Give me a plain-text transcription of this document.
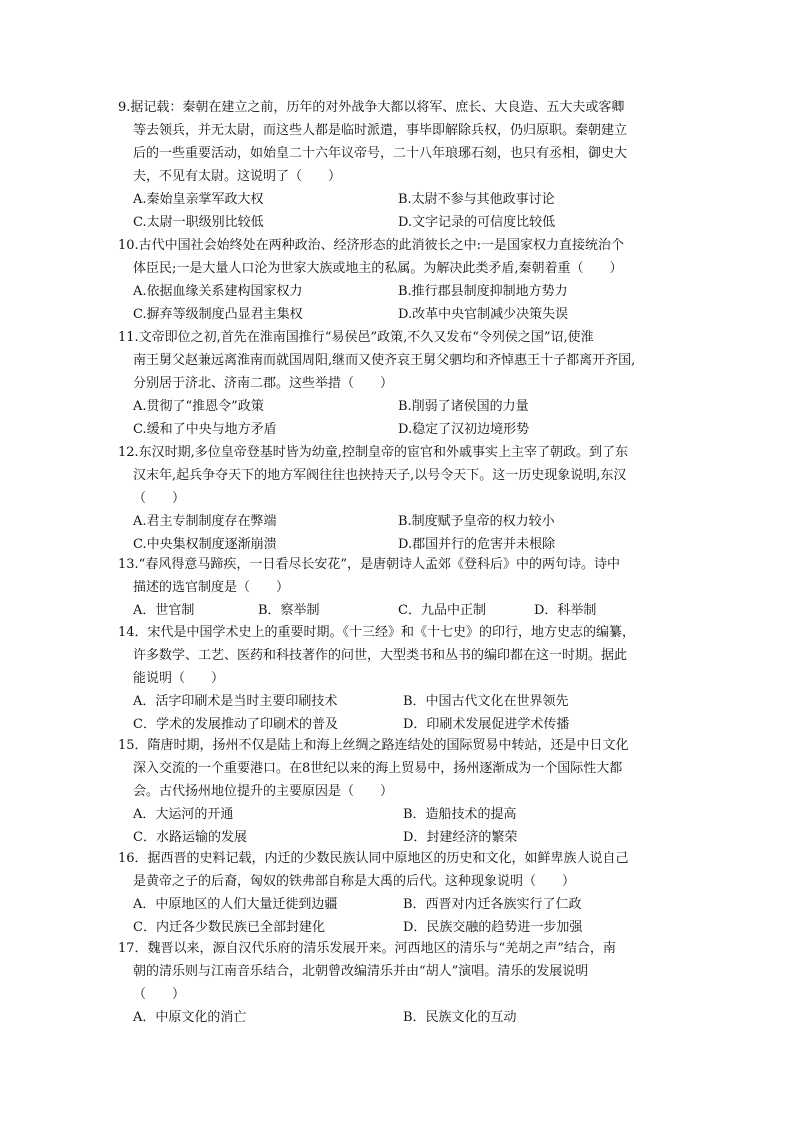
9.据记载：秦朝在建立之前，历年的对外战争大都以将军、庶长、大良造、五大夫或客卿
等去领兵，并无太尉，而这些人都是临时派遣，事毕即解除兵权，仍归原职。秦朝建立
后的一些重要活动，如始皇二十六年议帝号，二十八年琅琊石刻，也只有丞相，御史大
夫，不见有太尉。这说明了（　　）
A.秦始皇亲掌军政大权	B.太尉不参与其他政事讨论
C.太尉一职级别比较低	D.文字记录的可信度比较低
10.古代中国社会始终处在两种政治、经济形态的此消彼长之中:一是国家权力直接统治个
体臣民;一是大量人口沦为世家大族或地主的私属。为解决此类矛盾,秦朝着重（　　）
A.依据血缘关系建构国家权力	B.推行郡县制度抑制地方势力
C.摒弃等级制度凸显君主集权	D.改革中央官制减少决策失误
11.文帝即位之初,首先在淮南国推行“易侯邑”政策,不久又发布“令列侯之国”诏,使淮
南王舅父赵兼远离淮南而就国周阳,继而又使齐哀王舅父驷均和齐悼惠王十子都离开齐国,
分别居于济北、济南二郡。这些举措（　　）
A.贯彻了“推恩令”政策	B.削弱了诸侯国的力量
C.缓和了中央与地方矛盾	D.稳定了汉初边境形势
12.东汉时期,多位皇帝登基时皆为幼童,控制皇帝的宦官和外戚事实上主宰了朝政。到了东
汉末年,起兵争夺天下的地方军阀往往也挟持天子,以号令天下。这一历史现象说明,东汉
（　　）
A.君主专制制度存在弊端	B.制度赋予皇帝的权力较小
C.中央集权制度逐渐崩溃	D.郡国并行的危害并未根除
13.“春风得意马蹄疾，一日看尽长安花”，是唐朝诗人孟郊《登科后》中的两句诗。诗中
描述的选官制度是（　　）
A．世官制	B．察举制	C．九品中正制	D．科举制
14．宋代是中国学术史上的重要时期。《十三经》和《十七史》的印行，地方史志的编纂，
许多数学、工艺、医药和科技著作的问世，大型类书和丛书的编印都在这一时期。据此
能说明（　　）
A．活字印刷术是当时主要印刷技术	B．中国古代文化在世界领先
C．学术的发展推动了印刷术的普及	D．印刷术发展促进学术传播
15．隋唐时期，扬州不仅是陆上和海上丝绸之路连结处的国际贸易中转站，还是中日文化
深入交流的一个重要港口。在8世纪以来的海上贸易中，扬州逐渐成为一个国际性大都
会。古代扬州地位提升的主要原因是（　　）
A．大运河的开通	B．造船技术的提高
C．水路运输的发展	D．封建经济的繁荣
16．据西晋的史料记载，内迁的少数民族认同中原地区的历史和文化，如鲜卑族人说自己
是黄帝之子的后裔，匈奴的铁弗部自称是大禹的后代。这种现象说明（　　）
A．中原地区的人们大量迁徙到边疆	B．西晋对内迁各族实行了仁政
C．内迁各少数民族已全部封建化	D．民族交融的趋势进一步加强
17．魏晋以来，源自汉代乐府的清乐发展开来。河西地区的清乐与“羌胡之声”结合，南
朝的清乐则与江南音乐结合，北朝曾改编清乐并由“胡人”演唱。清乐的发展说明
（　　）
A．中原文化的消亡	B．民族文化的互动
